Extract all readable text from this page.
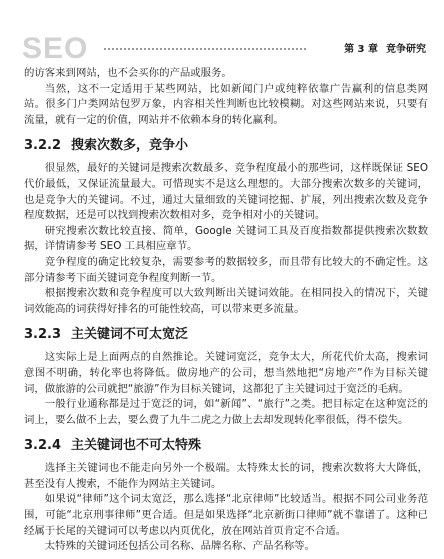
SEO	第 3 章 竞争研究

的访客来到网站，也不会买你的产品或服务。

当然，这不一定适用于某些网站，比如新闻门户或纯粹依靠广告赢利的信息类网站。很多门户类网站包罗万象，内容相关性判断也比较模糊。对这些网站来说，只要有流量，就有一定的价值，网站并不依赖本身的转化赢利。

3.2.2 搜索次数多，竞争小

很显然，最好的关键词是搜索次数最多、竞争程度最小的那些词，这样既保证 SEO 代价最低，又保证流量最大。可惜现实不是这么理想的。大部分搜索次数多的关键词，也是竞争大的关键词。不过，通过大量细致的关键词挖掘、扩展，列出搜索次数及竞争程度数据，还是可以找到搜索次数相对多，竞争相对小的关键词。

研究搜索次数比较直接、简单，Google 关键词工具及百度指数都提供搜索次数数据，详情请参考 SEO 工具相应章节。

竞争程度的确定比较复杂，需要参考的数据较多，而且带有比较大的不确定性。这部分请参考下面关键词竞争程度判断一节。

根据搜索次数和竞争程度可以大致判断出关键词效能。在相同投入的情况下，关键词效能高的词获得好排名的可能性较高，可以带来更多流量。

3.2.3 主关键词不可太宽泛

这实际上是上面两点的自然推论。关键词宽泛，竞争太大，所花代价太高，搜索词意图不明确，转化率也将降低。做房地产的公司，想当然地把“房地产”作为目标关键词，做旅游的公司就把“旅游”作为目标关键词，这都犯了主关键词过于宽泛的毛病。

一般行业通称都是过于宽泛的词，如“新闻”、“旅行”之类。把目标定在这种宽泛的词上，要么做不上去，要么费了九牛二虎之力做上去却发现转化率很低，得不偿失。

3.2.4 主关键词也不可太特殊

选择主关键词也不能走向另外一个极端。太特殊太长的词，搜索次数将大大降低，甚至没有人搜索，不能作为网站主关键词。

如果说“律师”这个词太宽泛，那么选择“北京律师”比较适当。根据不同公司业务范围，可能“北京刑事律师”更合适。但是如果选择“北京新街口律师”就不靠谱了。这种已经属于长尾的关键词可以考虑以内页优化，放在网站首页肯定不合适。

太特殊的关键词还包括公司名称、品牌名称、产品名称等。
